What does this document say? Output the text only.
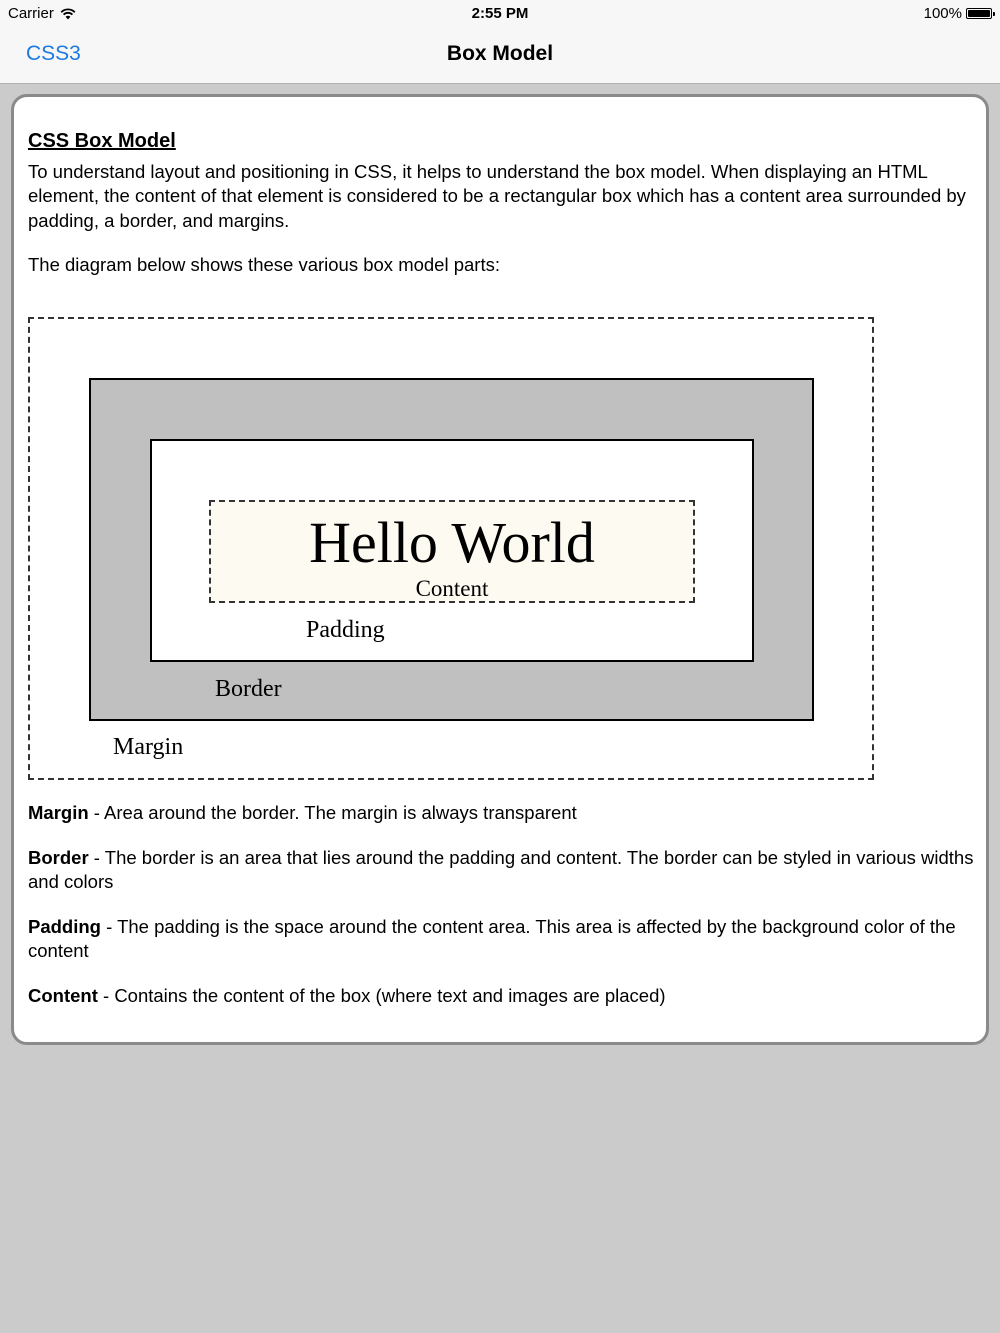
Carrier	2:55 PM	100%
CSS3	Box Model

CSS Box Model

To understand layout and positioning in CSS, it helps to understand the box model. When displaying an HTML element, the content of that element is considered to be a rectangular box which has a content area surrounded by padding, a border, and margins.

The diagram below shows these various box model parts:

Hello World
Content
Padding
Border
Margin

Margin - Area around the border. The margin is always transparent

Border - The border is an area that lies around the padding and content. The border can be styled in various widths and colors

Padding - The padding is the space around the content area. This area is affected by the background color of the content

Content - Contains the content of the box (where text and images are placed)
